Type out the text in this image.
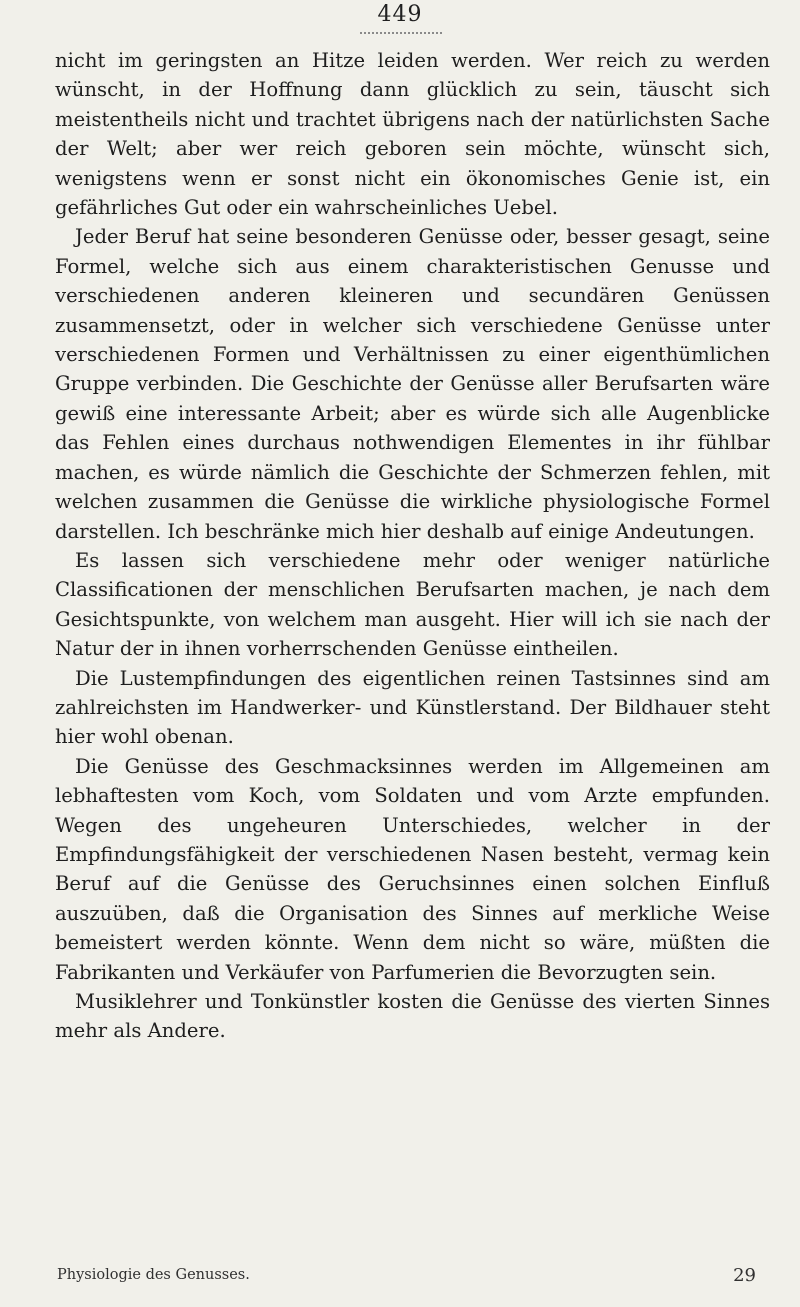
449

nicht im geringsten an Hitze leiden werden. Wer reich zu werden wünscht, in der Hoffnung dann glücklich zu sein, täuscht sich meistentheils nicht und trachtet übrigens nach der natürlichsten Sache der Welt; aber wer reich geboren sein möchte, wünscht sich, wenigstens wenn er sonst nicht ein ökonomisches Genie ist, ein gefährliches Gut oder ein wahrscheinliches Uebel.

Jeder Beruf hat seine besonderen Genüsse oder, besser gesagt, seine Formel, welche sich aus einem charakteristischen Genusse und verschiedenen anderen kleineren und secundären Genüssen zusammensetzt, oder in welcher sich verschiedene Genüsse unter verschiedenen Formen und Verhältnissen zu einer eigenthümlichen Gruppe verbinden. Die Geschichte der Genüsse aller Berufsarten wäre gewiß eine interessante Arbeit; aber es würde sich alle Augenblicke das Fehlen eines durchaus nothwendigen Elementes in ihr fühlbar machen, es würde nämlich die Geschichte der Schmerzen fehlen, mit welchen zusammen die Genüsse die wirkliche physiologische Formel darstellen. Ich beschränke mich hier deshalb auf einige Andeutungen.

Es lassen sich verschiedene mehr oder weniger natürliche Classificationen der menschlichen Berufsarten machen, je nach dem Gesichtspunkte, von welchem man ausgeht. Hier will ich sie nach der Natur der in ihnen vorherrschenden Genüsse eintheilen.

Die Lustempfindungen des eigentlichen reinen Tastsinnes sind am zahlreichsten im Handwerker- und Künstlerstand. Der Bildhauer steht hier wohl obenan.

Die Genüsse des Geschmacksinnes werden im Allgemeinen am lebhaftesten vom Koch, vom Soldaten und vom Arzte empfunden. Wegen des ungeheuren Unterschiedes, welcher in der Empfindungsfähigkeit der verschiedenen Nasen besteht, vermag kein Beruf auf die Genüsse des Geruchsinnes einen solchen Einfluß auszuüben, daß die Organisation des Sinnes auf merkliche Weise bemeistert werden könnte. Wenn dem nicht so wäre, müßten die Fabrikanten und Verkäufer von Parfumerien die Bevorzugten sein.

Musiklehrer und Tonkünstler kosten die Genüsse des vierten Sinnes mehr als Andere.

Physiologie des Genusses.	29
